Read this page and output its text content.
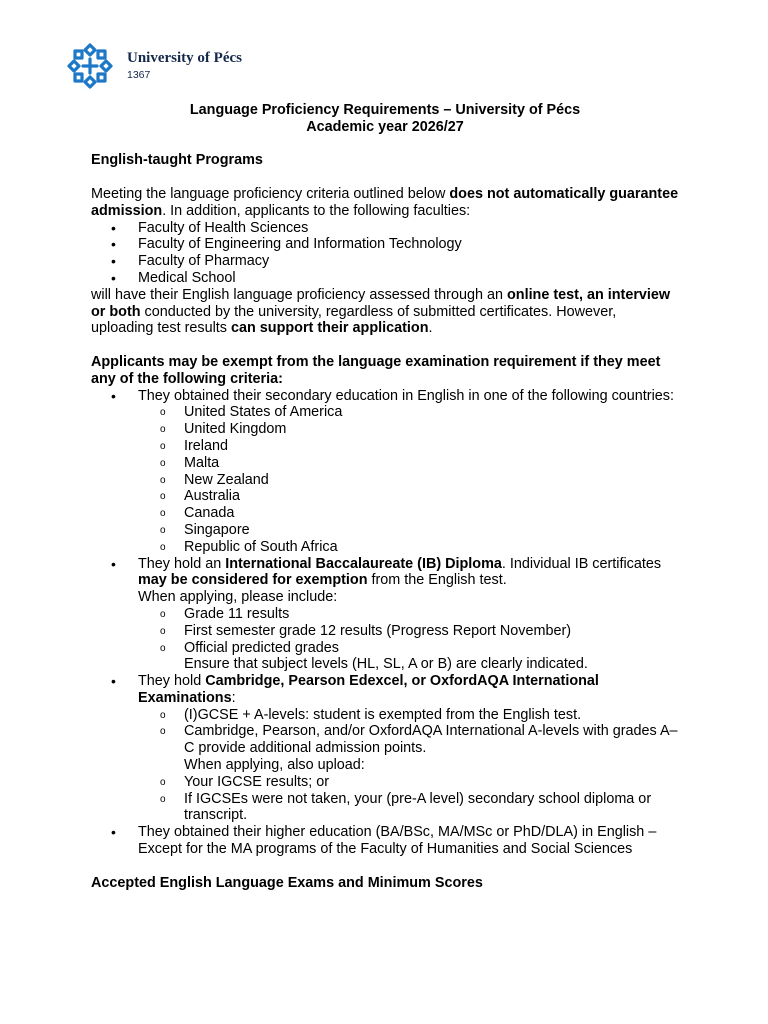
University of Pécs
1367

Language Proficiency Requirements – University of Pécs

Academic year 2026/27

English-taught Programs

Meeting the language proficiency criteria outlined below does not automatically guarantee admission. In addition, applicants to the following faculties:

• Faculty of Health Sciences
• Faculty of Engineering and Information Technology
• Faculty of Pharmacy
• Medical School

will have their English language proficiency assessed through an online test, an interview or both conducted by the university, regardless of submitted certificates. However, uploading test results can support their application.

Applicants may be exempt from the language examination requirement if they meet any of the following criteria:

• They obtained their secondary education in English in one of the following countries:
o United States of America
o United Kingdom
o Ireland
o Malta
o New Zealand
o Australia
o Canada
o Singapore
o Republic of South Africa
• They hold an International Baccalaureate (IB) Diploma. Individual IB certificates may be considered for exemption from the English test.
When applying, please include:
o Grade 11 results
o First semester grade 12 results (Progress Report November)
o Official predicted grades
Ensure that subject levels (HL, SL, A or B) are clearly indicated.
• They hold Cambridge, Pearson Edexcel, or OxfordAQA International Examinations:
o (I)GCSE + A-levels: student is exempted from the English test.
o Cambridge, Pearson, and/or OxfordAQA International A-levels with grades A–C provide additional admission points.
When applying, also upload:
o Your IGCSE results; or
o If IGCSEs were not taken, your (pre-A level) secondary school diploma or transcript.
• They obtained their higher education (BA/BSc, MA/MSc or PhD/DLA) in English – Except for the MA programs of the Faculty of Humanities and Social Sciences

Accepted English Language Exams and Minimum Scores
